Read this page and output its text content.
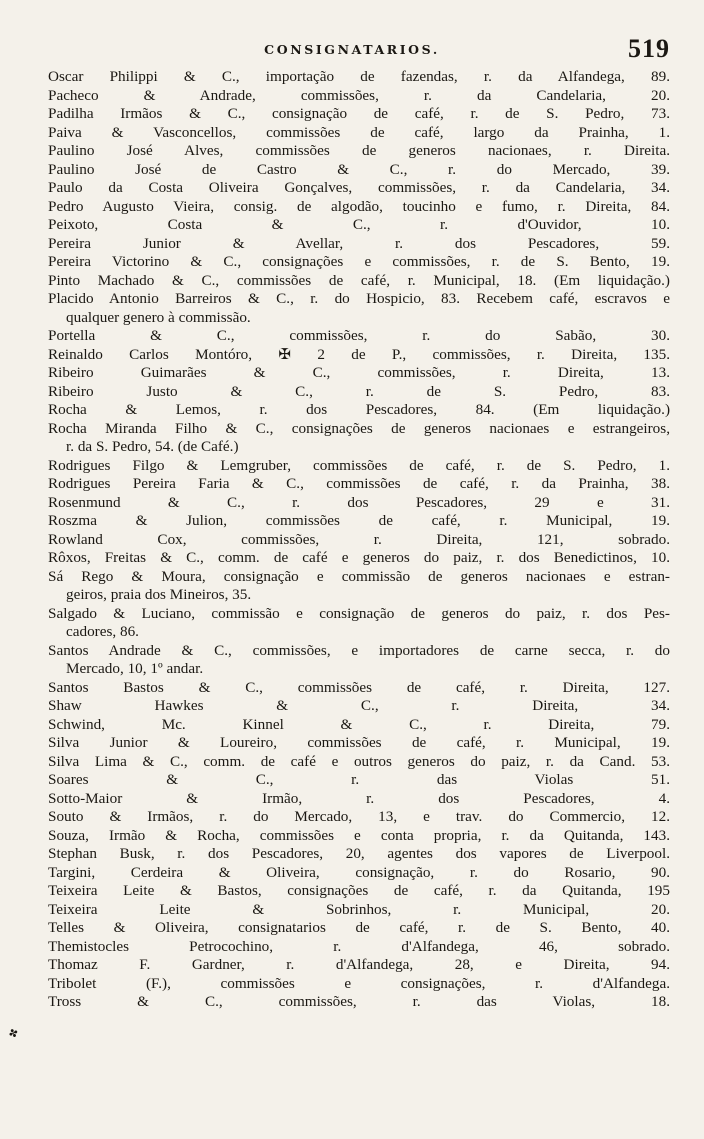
CONSIGNATARIOS.	519
Oscar Philippi & C., importação de fazendas, r. da Alfandega, 89.
Pacheco & Andrade, commissões, r. da Candelaria, 20.
Padilha Irmãos & C., consignação de café, r. de S. Pedro, 73.
Paiva & Vasconcellos, commissões de café, largo da Prainha, 1.
Paulino José Alves, commissões de generos nacionaes, r. Direita.
Paulino José de Castro & C., r. do Mercado, 39.
Paulo da Costa Oliveira Gonçalves, commissões, r. da Candelaria, 34.
Pedro Augusto Vieira, consig. de algodão, toucinho e fumo, r. Direita, 84.
Peixoto, Costa & C., r. d'Ouvidor, 10.
Pereira Junior & Avellar, r. dos Pescadores, 59.
Pereira Victorino & C., consignações e commissões, r. de S. Bento, 19.
Pinto Machado & C., commissões de café, r. Municipal, 18. (Em liquidação.)
Placido Antonio Barreiros & C., r. do Hospicio, 83. Recebem café, escravos e
qualquer genero à commissão.
Portella & C., commissões, r. do Sabão, 30.
Reinaldo Carlos Montóro, ✠ 2 de P., commissões, r. Direita, 135.
Ribeiro Guimarães & C., commissões, r. Direita, 13.
Ribeiro Justo & C., r. de S. Pedro, 83.
Rocha & Lemos, r. dos Pescadores, 84. (Em liquidação.)
Rocha Miranda Filho & C., consignações de generos nacionaes e estrangeiros,
r. da S. Pedro, 54. (de Café.)
Rodrigues Filgo & Lemgruber, commissões de café, r. de S. Pedro, 1.
Rodrigues Pereira Faria & C., commissões de café, r. da Prainha, 38.
Rosenmund & C., r. dos Pescadores, 29 e 31.
Roszma & Julion, commissões de café, r. Municipal, 19.
Rowland Cox, commissões, r. Direita, 121, sobrado.
Rôxos, Freitas & C., comm. de café e generos do paiz, r. dos Benedictinos, 10.
Sá Rego & Moura, consignação e commissão de generos nacionaes e estran-
geiros, praia dos Mineiros, 35.
Salgado & Luciano, commissão e consignação de generos do paiz, r. dos Pes-
cadores, 86.
Santos Andrade & C., commissões, e importadores de carne secca, r. do
Mercado, 10, 1º andar.
Santos Bastos & C., commissões de café, r. Direita, 127.
Shaw Hawkes & C., r. Direita, 34.
Schwind, Mc. Kinnel & C., r. Direita, 79.
Silva Junior & Loureiro, commissões de café, r. Municipal, 19.
Silva Lima & C., comm. de café e outros generos do paiz, r. da Cand. 53.
Soares & C., r. das Violas 51.
Sotto-Maior & Irmão, r. dos Pescadores, 4.
Souto & Irmãos, r. do Mercado, 13, e trav. do Commercio, 12.
Souza, Irmão & Rocha, commissões e conta propria, r. da Quitanda, 143.
Stephan Busk, r. dos Pescadores, 20, agentes dos vapores de Liverpool.
Targini, Cerdeira & Oliveira, consignação, r. do Rosario, 90.
Teixeira Leite & Bastos, consignações de café, r. da Quitanda, 195
Teixeira Leite & Sobrinhos, r. Municipal, 20.
Telles & Oliveira, consignatarios de café, r. de S. Bento, 40.
Themistocles Petrocochino, r. d'Alfandega, 46, sobrado.
Thomaz F. Gardner, r. d'Alfandega, 28, e Direita, 94.
Tribolet (F.), commissões e consignações, r. d'Alfandega.
Tross & C., commissões, r. das Violas, 18.
✤
